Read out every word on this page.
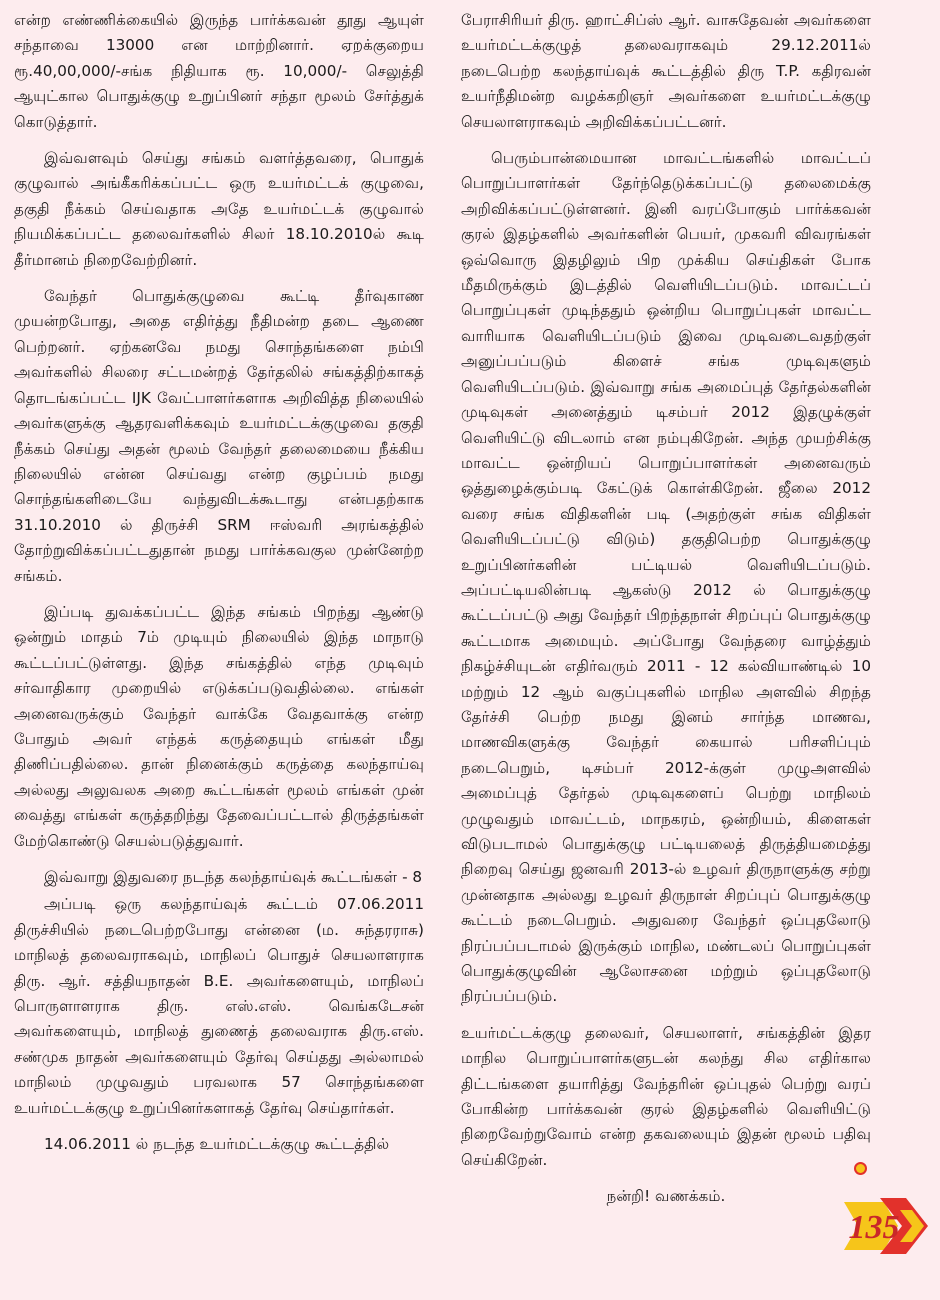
என்ற எண்ணிக்கையில் இருந்த பார்க்கவன் தூது ஆயுள் சந்தாவை 13000 என மாற்றினார். ஏறக்குறைய ரூ.40,00,000/-சங்க நிதியாக ரூ. 10,000/- செலுத்தி ஆயுட்கால பொதுக்குழு உறுப்பினர் சந்தா மூலம் சேர்த்துக் கொடுத்தார்.

இவ்வளவும் செய்து சங்கம் வளர்த்தவரை, பொதுக் குழுவால் அங்கீகரிக்கப்பட்ட ஒரு உயர்மட்டக் குழுவை, தகுதி நீக்கம் செய்வதாக அதே உயர்மட்டக் குழுவால் நியமிக்கப்பட்ட தலைவர்களில் சிலர் 18.10.2010ல் கூடி தீர்மானம் நிறைவேற்றினர்.

வேந்தர் பொதுக்குழுவை கூட்டி தீர்வுகாண முயன்றபோது, அதை எதிர்த்து நீதிமன்ற தடை ஆணை பெற்றனர். ஏற்கனவே நமது சொந்தங்களை நம்பி அவர்களில் சிலரை சட்டமன்றத் தேர்தலில் சங்கத்திற்காகத் தொடங்கப்பட்ட IJK வேட்பாளர்களாக அறிவித்த நிலையில் அவர்களுக்கு ஆதரவளிக்கவும் உயர்மட்டக்குழுவை தகுதி நீக்கம் செய்து அதன் மூலம் வேந்தர் தலைமையை நீக்கிய நிலையில் என்ன செய்வது என்ற குழப்பம் நமது சொந்தங்களிடையே வந்துவிடக்கூடாது என்பதற்காக 31.10.2010 ல் திருச்சி SRM ஈஸ்வரி அரங்கத்தில் தோற்றுவிக்கப்பட்டதுதான் நமது பார்க்கவகுல முன்னேற்ற சங்கம்.

இப்படி துவக்கப்பட்ட இந்த சங்கம் பிறந்து ஆண்டு ஒன்றும் மாதம் 7ம் முடியும் நிலையில் இந்த மாநாடு கூட்டப்பட்டுள்ளது. இந்த சங்கத்தில் எந்த முடிவும் சர்வாதிகார முறையில் எடுக்கப்படுவதில்லை. எங்கள் அனைவருக்கும் வேந்தர் வாக்கே வேதவாக்கு என்ற போதும் அவர் எந்தக் கருத்தையும் எங்கள் மீது திணிப்பதில்லை. தான் நினைக்கும் கருத்தை கலந்தாய்வு அல்லது அலுவலக அறை கூட்டங்கள் மூலம் எங்கள் முன் வைத்து எங்கள் கருத்தறிந்து தேவைப்பட்டால் திருத்தங்கள் மேற்கொண்டு செயல்படுத்துவார்.

இவ்வாறு இதுவரை நடந்த கலந்தாய்வுக் கூட்டங்கள் - 8

அப்படி ஒரு கலந்தாய்வுக் கூட்டம் 07.06.2011 திருச்சியில் நடைபெற்றபோது என்னை (ம. சுந்தரராசு) மாநிலத் தலைவராகவும், மாநிலப் பொதுச் செயலாளராக திரு. ஆர். சத்தியநாதன் B.E. அவர்களையும், மாநிலப் பொருளாளராக திரு. எஸ்.எஸ். வெங்கடேசன் அவர்களையும், மாநிலத் துணைத் தலைவராக திரு.எஸ். சண்முக நாதன் அவர்களையும் தேர்வு செய்தது அல்லாமல் மாநிலம் முழுவதும் பரவலாக 57 சொந்தங்களை உயர்மட்டக்குழு உறுப்பினர்களாகத் தேர்வு செய்தார்கள்.

14.06.2011 ல் நடந்த உயர்மட்டக்குழு கூட்டத்தில்

பேராசிரியர் திரு. ஹாட்சிப்ஸ் ஆர். வாசுதேவன் அவர்களை உயர்மட்டக்குழுத் தலைவராகவும் 29.12.2011ல் நடைபெற்ற கலந்தாய்வுக் கூட்டத்தில் திரு T.P. கதிரவன் உயர்நீதிமன்ற வழக்கறிஞர் அவர்களை உயர்மட்டக்குழு செயலாளராகவும் அறிவிக்கப்பட்டனர்.

பெரும்பான்மையான மாவட்டங்களில் மாவட்டப் பொறுப்பாளர்கள் தேர்ந்தெடுக்கப்பட்டு தலைமைக்கு அறிவிக்கப்பட்டுள்ளனர். இனி வரப்போகும் பார்க்கவன் குரல் இதழ்களில் அவர்களின் பெயர், முகவரி விவரங்கள் ஒவ்வொரு இதழிலும் பிற முக்கிய செய்திகள் போக மீதமிருக்கும் இடத்தில் வெளியிடப்படும். மாவட்டப் பொறுப்புகள் முடிந்ததும் ஒன்றிய பொறுப்புகள் மாவட்ட வாரியாக வெளியிடப்படும் இவை முடிவடைவதற்குள் அனுப்பப்படும் கிளைச் சங்க முடிவுகளும் வெளியிடப்படும். இவ்வாறு சங்க அமைப்புத் தேர்தல்களின் முடிவுகள் அனைத்தும் டிசம்பர் 2012 இதழுக்குள் வெளியிட்டு விடலாம் என நம்புகிறேன். அந்த முயற்சிக்கு மாவட்ட ஒன்றியப் பொறுப்பாளர்கள் அனைவரும் ஒத்துழைக்கும்படி கேட்டுக் கொள்கிறேன். ஜீலை 2012 வரை சங்க விதிகளின் படி (அதற்குள் சங்க விதிகள் வெளியிடப்பட்டு விடும்) தகுதிபெற்ற பொதுக்குழு உறுப்பினர்களின் பட்டியல் வெளியிடப்படும். அப்பட்டியலின்படி ஆகஸ்டு 2012 ல் பொதுக்குழு கூட்டப்பட்டு அது வேந்தர் பிறந்தநாள் சிறப்புப் பொதுக்குழு கூட்டமாக அமையும். அப்போது வேந்தரை வாழ்த்தும் நிகழ்ச்சியுடன் எதிர்வரும் 2011 - 12 கல்வியாண்டில் 10 மற்றும் 12 ஆம் வகுப்புகளில் மாநில அளவில் சிறந்த தேர்ச்சி பெற்ற நமது இனம் சார்ந்த மாணவ, மாணவிகளுக்கு வேந்தர் கையால் பரிசளிப்பும் நடைபெறும், டிசம்பர் 2012-க்குள் முழுஅளவில் அமைப்புத் தேர்தல் முடிவுகளைப் பெற்று மாநிலம் முழுவதும் மாவட்டம், மாநகரம், ஒன்றியம், கிளைகள் விடுபடாமல் பொதுக்குழு பட்டியலைத் திருத்தியமைத்து நிறைவு செய்து ஜனவரி 2013-ல் உழவர் திருநாளுக்கு சற்று முன்னதாக அல்லது உழவர் திருநாள் சிறப்புப் பொதுக்குழு கூட்டம் நடைபெறும். அதுவரை வேந்தர் ஒப்புதலோடு நிரப்பப்படாமல் இருக்கும் மாநில, மண்டலப் பொறுப்புகள் பொதுக்குழுவின் ஆலோசனை மற்றும் ஒப்புதலோடு நிரப்பப்படும்.

உயர்மட்டக்குழு தலைவர், செயலாளர், சங்கத்தின் இதர மாநில பொறுப்பாளர்களுடன் கலந்து சில எதிர்கால திட்டங்களை தயாரித்து வேந்தரின் ஒப்புதல் பெற்று வரப் போகின்ற பார்க்கவன் குரல் இதழ்களில் வெளியிட்டு நிறைவேற்றுவோம் என்ற தகவலையும் இதன் மூலம் பதிவு செய்கிறேன்.

நன்றி! வணக்கம்.

135
